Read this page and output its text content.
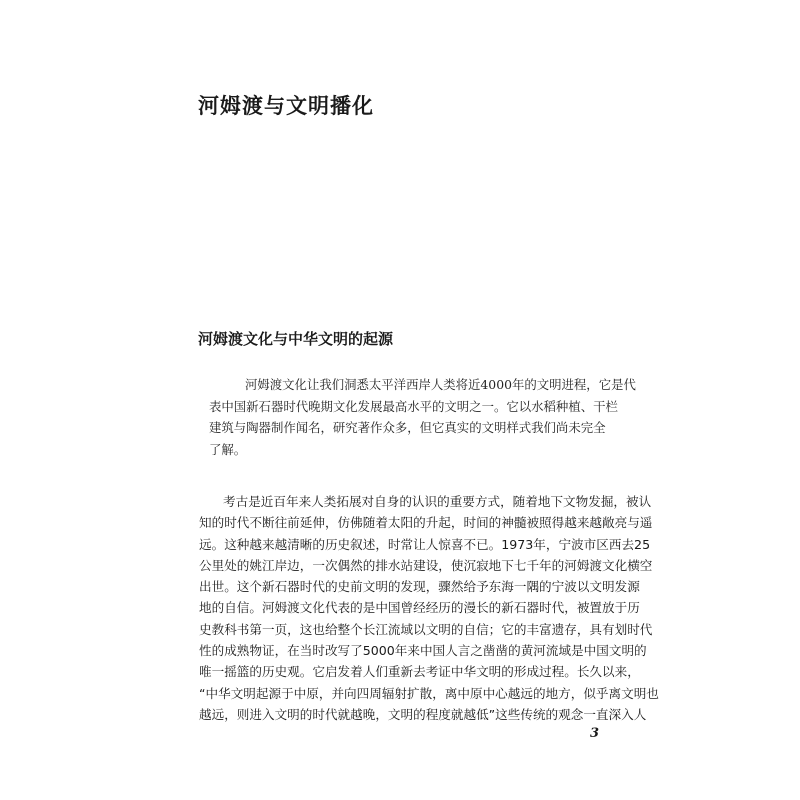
河姆渡与文明播化
河姆渡文化与中华文明的起源
河姆渡文化让我们洞悉太平洋西岸人类将近4000年的文明进程，它是代
表中国新石器时代晚期文化发展最高水平的文明之一。它以水稻种植、干栏
建筑与陶器制作闻名，研究著作众多，但它真实的文明样式我们尚未完全
了解。
考古是近百年来人类拓展对自身的认识的重要方式，随着地下文物发掘，被认
知的时代不断往前延伸，仿佛随着太阳的升起，时间的神髓被照得越来越敞亮与遥
远。这种越来越清晰的历史叙述，时常让人惊喜不已。1973年，宁波市区西去25
公里处的姚江岸边，一次偶然的排水站建设，使沉寂地下七千年的河姆渡文化横空
出世。这个新石器时代的史前文明的发现，骤然给予东海一隅的宁波以文明发源
地的自信。河姆渡文化代表的是中国曾经经历的漫长的新石器时代，被置放于历
史教科书第一页，这也给整个长江流域以文明的自信；它的丰富遗存，具有划时代
性的成熟物证，在当时改写了5000年来中国人言之凿凿的黄河流域是中国文明的
唯一摇篮的历史观。它启发着人们重新去考证中华文明的形成过程。长久以来，
“中华文明起源于中原，并向四周辐射扩散，离中原中心越远的地方，似乎离文明也
越远，则进入文明的时代就越晚，文明的程度就越低”这些传统的观念一直深入人
3
